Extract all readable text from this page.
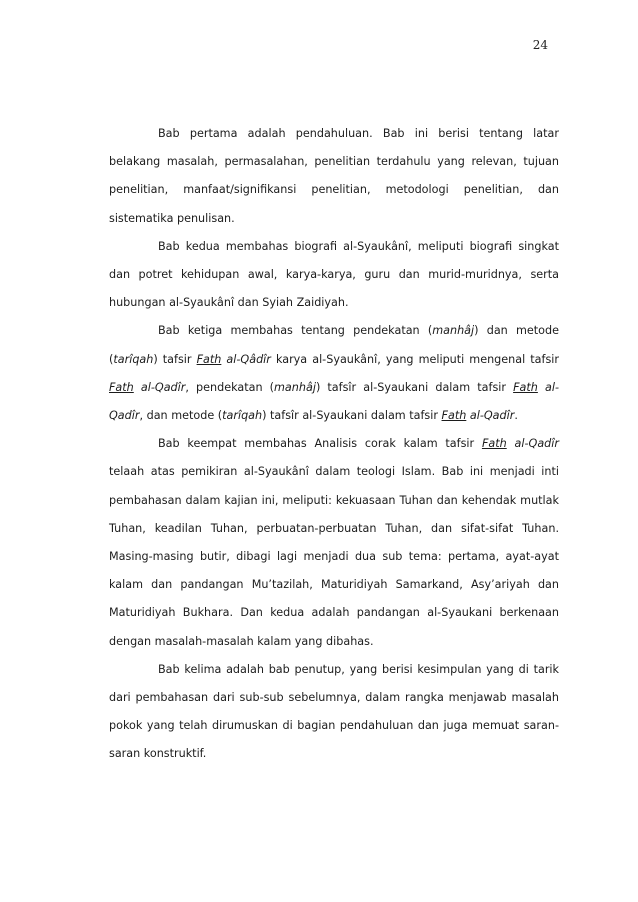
24

Bab pertama adalah pendahuluan. Bab ini berisi tentang latar belakang masalah, permasalahan, penelitian terdahulu yang relevan, tujuan penelitian, manfaat/signifikansi penelitian, metodologi penelitian, dan sistematika penulisan.

Bab kedua membahas biografi al-Syaukânî, meliputi biografi singkat dan potret kehidupan awal, karya-karya, guru dan murid-muridnya, serta hubungan al-Syaukânî dan Syiah Zaidiyah.

Bab ketiga membahas tentang pendekatan (manhâj) dan metode (tarîqah) tafsir Fath al-Qâdîr karya al-Syaukânî, yang meliputi mengenal tafsir Fath al-Qadîr, pendekatan (manhâj) tafsîr al-Syaukani dalam tafsir Fath al-Qadîr, dan metode (tarîqah) tafsîr al-Syaukani dalam tafsir Fath al-Qadîr.

Bab keempat membahas Analisis corak kalam tafsir Fath al-Qadîr telaah atas pemikiran al-Syaukânî dalam teologi Islam. Bab ini menjadi inti pembahasan dalam kajian ini, meliputi: kekuasaan Tuhan dan kehendak mutlak Tuhan, keadilan Tuhan, perbuatan-perbuatan Tuhan, dan sifat-sifat Tuhan. Masing-masing butir, dibagi lagi menjadi dua sub tema: pertama, ayat-ayat kalam dan pandangan Mu’tazilah, Maturidiyah Samarkand, Asy’ariyah dan Maturidiyah Bukhara. Dan kedua adalah pandangan al-Syaukani berkenaan dengan masalah-masalah kalam yang dibahas.

Bab kelima adalah bab penutup, yang berisi kesimpulan yang di tarik dari pembahasan dari sub-sub sebelumnya, dalam rangka menjawab masalah pokok yang telah dirumuskan di bagian pendahuluan dan juga memuat saran-saran konstruktif.
